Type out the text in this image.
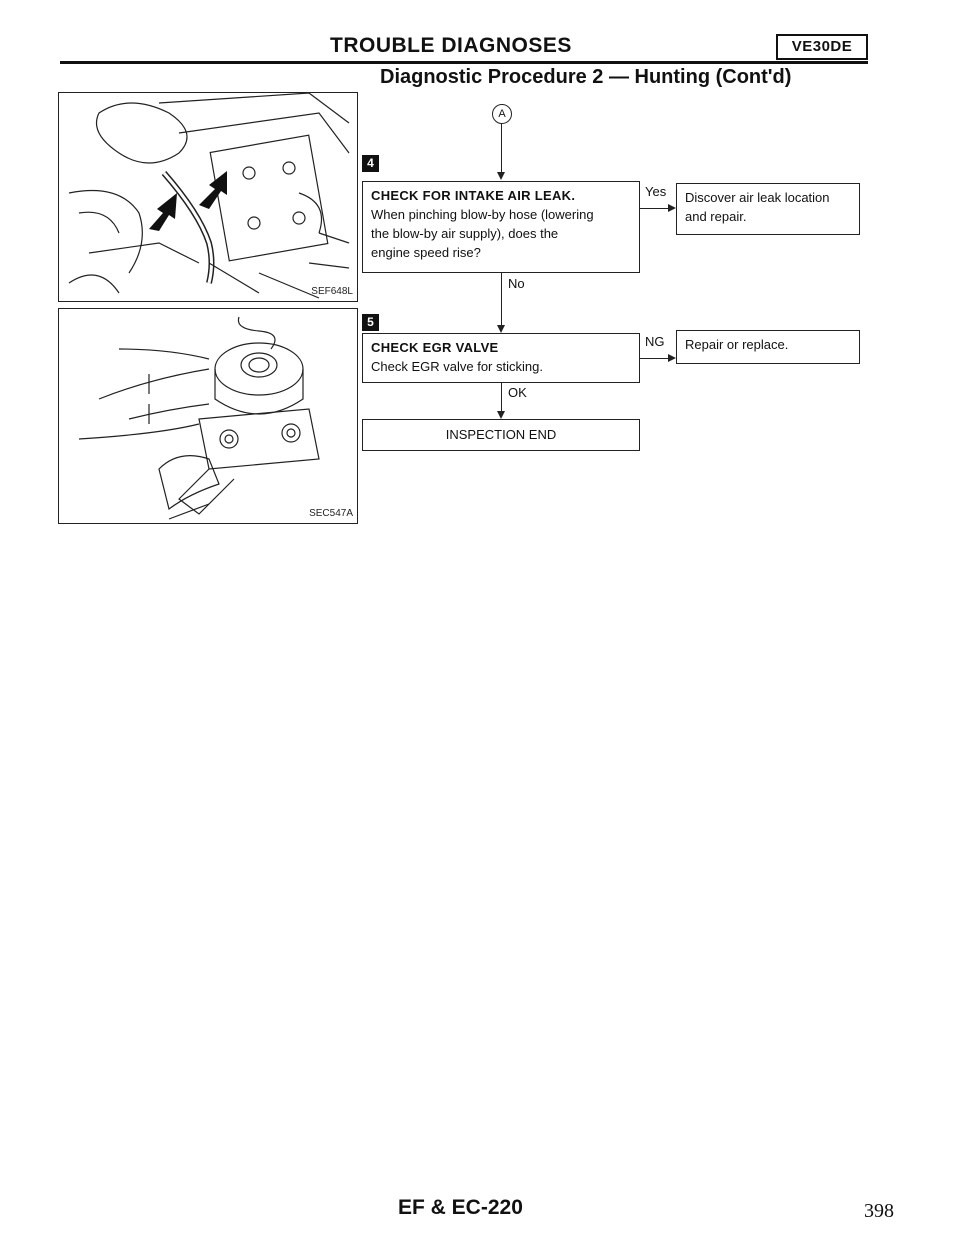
TROUBLE DIAGNOSES	VE30DE
Diagnostic Procedure 2 — Hunting (Cont'd)
SEF648L
SEC547A
A
4
CHECK FOR INTAKE AIR LEAK.
When pinching blow-by hose (lowering
the blow-by air supply), does the
engine speed rise?
Yes Discover air leak location
and repair.
No
5
CHECK EGR VALVE
Check EGR valve for sticking.
NG Repair or replace.
OK
INSPECTION END
EF & EC-220	398
